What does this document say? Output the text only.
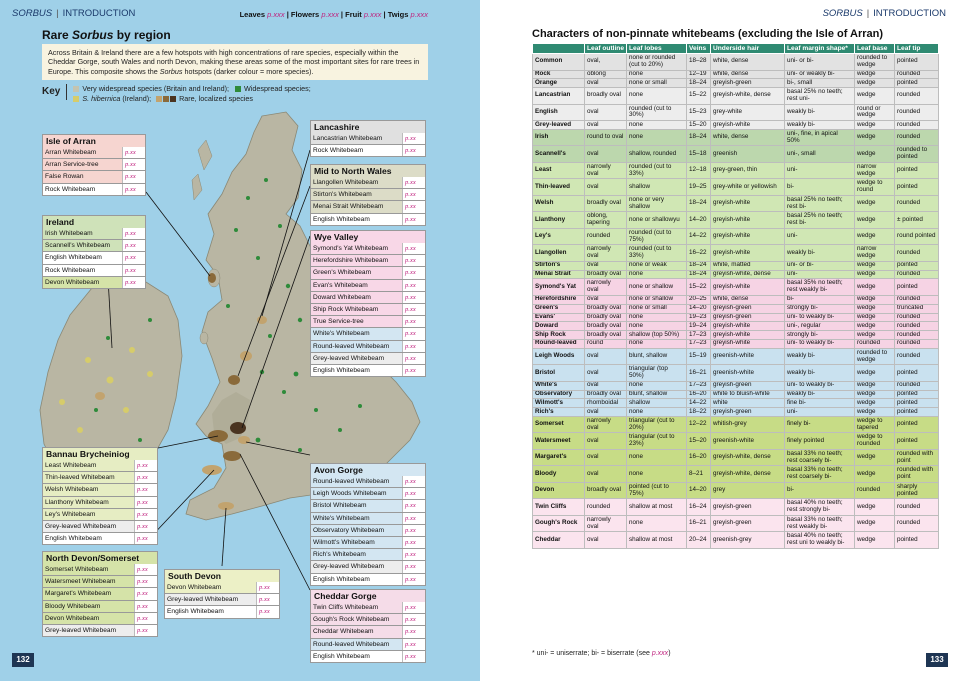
SORBUS | INTRODUCTION	Leaves p.xxx | Flowers p.xxx | Fruit p.xxx | Twigs p.xxx
Rare Sorbus by region
Across Britain & Ireland there are a few hotspots with high concentrations of rare species, especially within the Cheddar Gorge, south Wales and north Devon, making these areas some of the most important sites for rare trees in Europe. This composite shows the Sorbus hotspots (darker colour = more species).
Key	Very widespread species (Britain and Ireland); Widespread species;
S. hibernica (Ireland);	Rare, localized species
Isle of Arran
Arran Whitebeam	p.xx
Arran Service-tree	p.xx
False Rowan	p.xx
Rock Whitebeam	p.xx
Ireland
Irish Whitebeam	p.xx
Scannell's Whitebeam	p.xx
English Whitebeam	p.xx
Rock Whitebeam	p.xx
Devon Whitebeam	p.xx
Lancashire
Lancastrian Whitebeam	p.xx
Rock Whitebeam	p.xx
Mid to North Wales
Llangollen Whitebeam	p.xx
Stirton's Whitebeam	p.xx
Menai Strait Whitebeam	p.xx
English Whitebeam	p.xx
Wye Valley
Symond's Yat Whitebeam	p.xx
Herefordshire Whitebeam	p.xx
Green's Whitebeam	p.xx
Evan's Whitebeam	p.xx
Doward Whitebeam	p.xx
Ship Rock Whitebeam	p.xx
True Service-tree	p.xx
White's Whitebeam	p.xx
Round-leaved Whitebeam	p.xx
Grey-leaved Whitebeam	p.xx
English Whitebeam	p.xx
Bannau Brycheiniog
Least Whitebeam	p.xx
Thin-leaved Whitebeam	p.xx
Welsh Whitebeam	p.xx
Llanthony Whitebeam	p.xx
Ley's Whitebeam	p.xx
Grey-leaved Whitebeam	p.xx
English Whitebeam	p.xx
North Devon/Somerset
Somerset Whitebeam	p.xx
Watersmeet Whitebeam	p.xx
Margaret's Whitebeam	p.xx
Bloody Whitebeam	p.xx
Devon Whitebeam	p.xx
Grey-leaved Whitebeam	p.xx
South Devon
Devon Whitebeam	p.xx
Grey-leaved Whitebeam	p.xx
English Whitebeam	p.xx
Avon Gorge
Round-leaved Whitebeam	p.xx
Leigh Woods Whitebeam	p.xx
Bristol Whitebeam	p.xx
White's Whitebeam	p.xx
Observatory Whitebeam	p.xx
Wilmott's Whitebeam	p.xx
Rich's Whitebeam	p.xx
Grey-leaved Whitebeam	p.xx
English Whitebeam	p.xx
Cheddar Gorge
Twin Cliffs Whitebeam	p.xx
Gough's Rock Whitebeam	p.xx
Cheddar Whitebeam	p.xx
Round-leaved Whitebeam	p.xx
English Whitebeam	p.xx
132
SORBUS | INTRODUCTION
Characters of non-pinnate whitebeams (excluding the Isle of Arran)
	Leaf outline	Leaf lobes	Veins	Underside hair	Leaf margin shape*	Leaf base	Leaf tip
Common	oval,	none or rounded (cut to 20%)	18–28	white, dense	uni- or bi-	rounded to wedge	pointed
Rock	oblong	none	12–19	white, dense	uni- or weakly bi-	wedge	rounded
Orange	oval	none or small	18–24	greyish-green	bi-, small	wedge	pointed
Lancastrian	broadly oval	none	15–22	greyish-white, dense	basal 25% no teeth; rest uni-	wedge	rounded
English	oval	rounded (cut to 30%)	15–23	grey-white	weakly bi-	round or wedge	rounded
Grey-leaved	oval	none	15–20	greyish-white	weakly bi-	wedge	rounded
Irish	round to oval	none	18–24	white, dense	uni-, fine, in apical 50%	wedge	rounded
Scannell's	oval	shallow, rounded	15–18	greenish	uni-, small	wedge	rounded to pointed
Least	narrowly oval	rounded (cut to 33%)	12–18	grey-green, thin	uni-	narrow wedge	pointed
Thin-leaved	oval	shallow	19–25	grey-white or yellowish	bi-	wedge to round	pointed
Welsh	broadly oval	none or very shallow	18–24	greyish-white	basal 25% no teeth; rest bi-	wedge	rounded
Llanthony	oblong, tapering	none or shallowyu	14–20	greyish-white	basal 25% no teeth; rest bi-	wedge	± pointed
Ley's	rounded	rounded (cut to 75%)	14–22	greyish-white	uni-	wedge	round pointed
Llangollen	narrowly oval	rounded (cut to 33%)	16–22	greyish-white	weakly bi-	narrow wedge	rounded
Stirton's	oval	none or weak	18–24	white, matted	uni- or bi-	wedge	pointed
Menai Strait	broadly oval	none	18–24	greyish-white, dense	uni-	wedge	rounded
Symond's Yat	narrowly oval	none or shallow	15–22	greyish-white	basal 35% no teeth; rest weakly bi-	wedge	pointed
Herefordshire	oval	none or shallow	20–25	white, dense	bi-	wedge	rounded
Green's	broadly oval	none or small	14–20	greyish-green	strongly bi-	wedge	truncated
Evans'	broadly oval	none	19–23	greyish-green	uni- to weakly bi-	wedge	rounded
Doward	broadly oval	none	19–24	greyish-white	uni-, regular	wedge	rounded
Ship Rock	broadly oval	shallow (top 50%)	17–23	greyish-white	strongly bi-	wedge	rounded
Round-leaved	round	none	17–23	greyish-white	uni- to weakly bi-	rounded	rounded
Leigh Woods	oval	blunt, shallow	15–19	greenish-white	weakly bi-	rounded to wedge	rounded
Bristol	oval	triangular (top 50%)	16–21	greenish-white	weakly bi-	wedge	pointed
White's	oval	none	17–23	greyish-green	uni- to weakly bi-	wedge	rounded
Observatory	broadly oval	blunt, shallow	16–20	white to bluish-white	weakly bi-	wedge	pointed
Wilmott's	rhomboidal	shallow	14–22	white	fine bi-	wedge	pointed
Rich's	oval	none	18–22	greyish-green	uni-	wedge	pointed
Somerset	narrowly oval	triangular (cut to 20%)	12–22	whitish-grey	finely bi-	wedge to tapered	pointed
Watersmeet	oval	triangular (cut to 23%)	15–20	greenish-white	finely pointed	wedge to rounded	pointed
Margaret's	oval	none	16–20	greyish-white, dense	basal 33% no teeth; rest coarsely bi-	wedge	rounded with point
Bloody	oval	none	8–21	greyish-white, dense	basal 33% no teeth; rest coarsely bi-	wedge	rounded with point
Devon	broadly oval	pointed (cut to 75%)	14–20	grey	bi-	rounded	sharply pointed
Twin Cliffs	rounded	shallow at most	16–24	greyish-green	basal 40% no teeth; rest strongly bi-	wedge	rounded
Gough's Rock	narrowly oval	none	16–21	greyish-green	basal 33% no teeth; rest weakly bi-	wedge	rounded
Cheddar	oval	shallow at most	20–24	greenish-grey	basal 40% no teeth; rest uni to weakly bi-	wedge	pointed
* uni- = uniserrate; bi- = biserrate (see p.xxx)
133
